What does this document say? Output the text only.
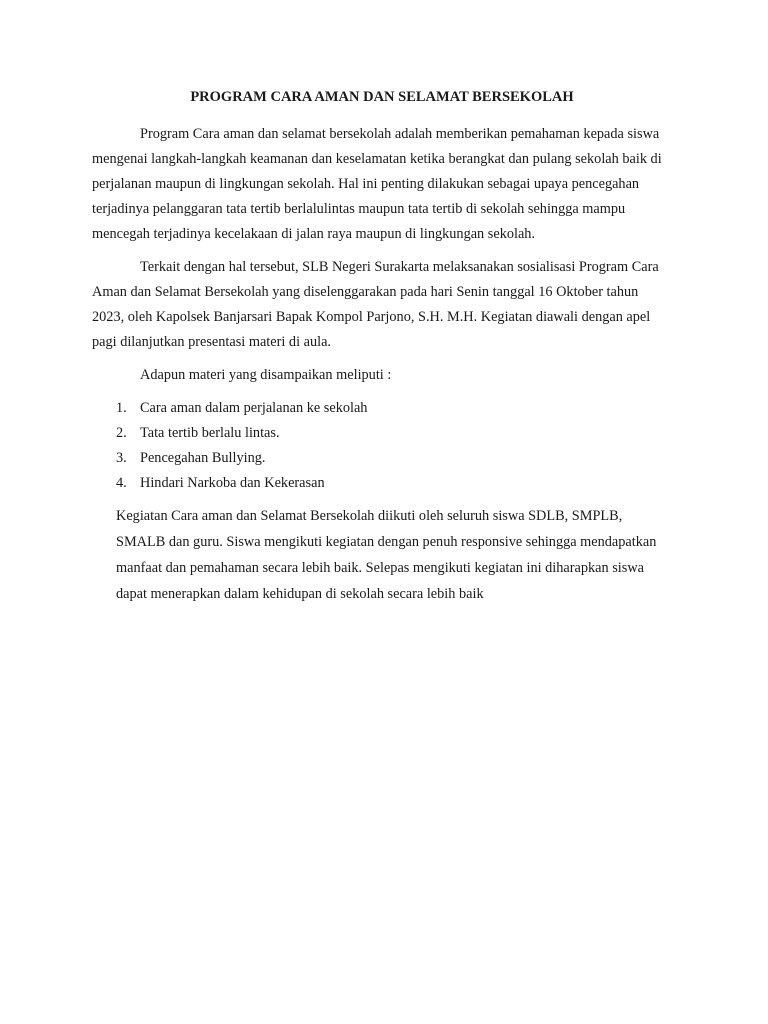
PROGRAM CARA AMAN DAN SELAMAT BERSEKOLAH

Program Cara aman dan selamat bersekolah adalah memberikan pemahaman kepada siswa mengenai langkah-langkah keamanan dan keselamatan ketika berangkat dan pulang sekolah baik di perjalanan maupun di lingkungan sekolah. Hal ini penting dilakukan sebagai upaya pencegahan terjadinya pelanggaran tata tertib berlalulintas maupun tata tertib di sekolah sehingga mampu mencegah terjadinya kecelakaan di jalan raya maupun di lingkungan sekolah.

Terkait dengan hal tersebut, SLB Negeri Surakarta melaksanakan sosialisasi Program Cara Aman dan Selamat Bersekolah yang diselenggarakan pada hari Senin tanggal 16 Oktober tahun 2023, oleh Kapolsek Banjarsari Bapak Kompol Parjono, S.H. M.H. Kegiatan diawali dengan apel pagi dilanjutkan presentasi materi di aula.

Adapun materi yang disampaikan meliputi :

1. Cara aman dalam perjalanan ke sekolah
2. Tata tertib berlalu lintas.
3. Pencegahan Bullying.
4. Hindari Narkoba dan Kekerasan

Kegiatan Cara aman dan Selamat Bersekolah diikuti oleh seluruh siswa SDLB, SMPLB, SMALB dan guru. Siswa mengikuti kegiatan dengan penuh responsive sehingga mendapatkan manfaat dan pemahaman secara lebih baik. Selepas mengikuti kegiatan ini diharapkan siswa dapat menerapkan dalam kehidupan di sekolah secara lebih baik
